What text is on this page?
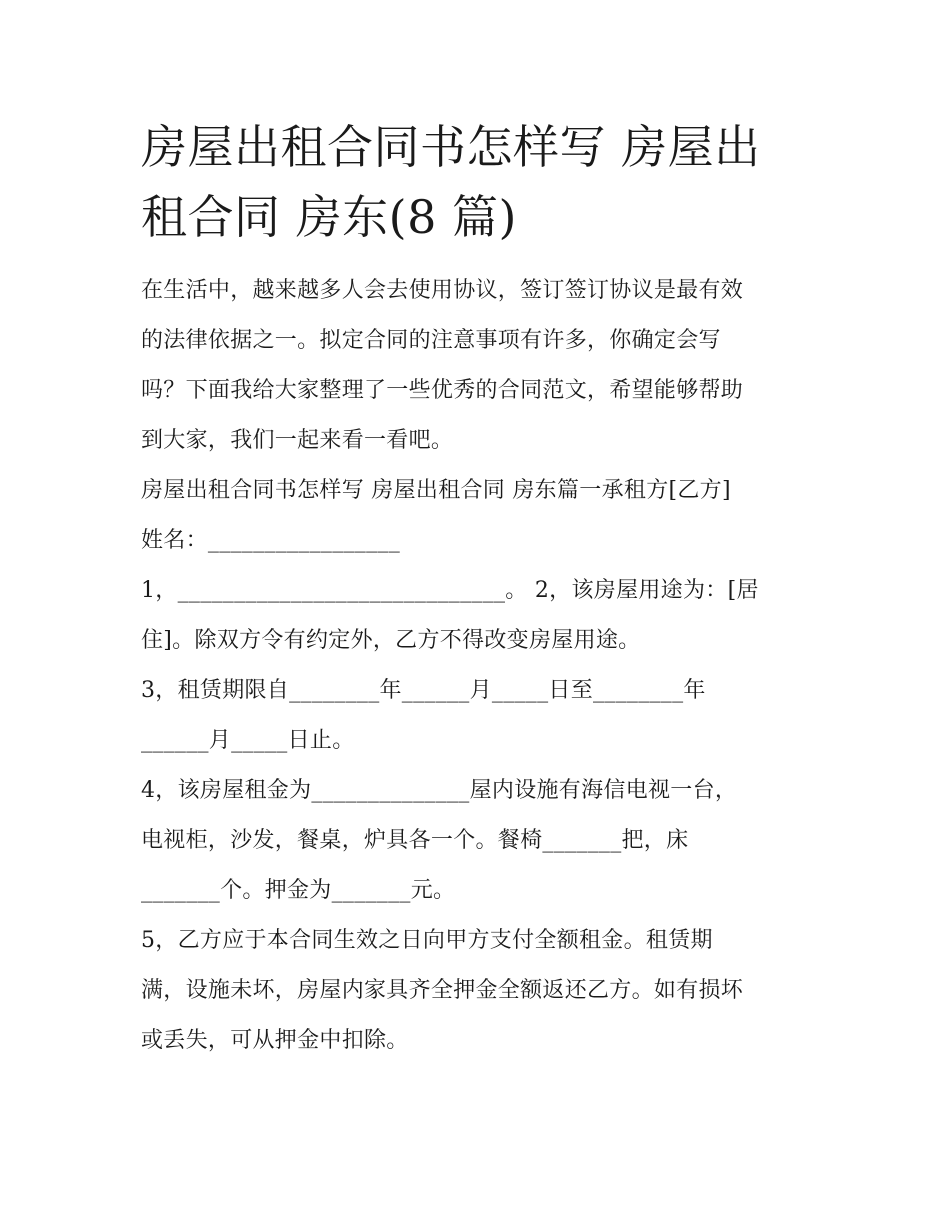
房屋出租合同书怎样写 房屋出
租合同 房东(8 篇)

在生活中，越来越多人会去使用协议，签订签订协议是最有效
的法律依据之一。拟定合同的注意事项有许多，你确定会写
吗？下面我给大家整理了一些优秀的合同范文，希望能够帮助
到大家，我们一起来看一看吧。

房屋出租合同书怎样写 房屋出租合同 房东篇一承租方[乙方]
姓名：_________________

1，_____________________________。 2，该房屋用途为：[居
住]。除双方令有约定外，乙方不得改变房屋用途。

3，租赁期限自________年______月_____日至________年
______月_____日止。

4，该房屋租金为______________屋内设施有海信电视一台，
电视柜，沙发，餐桌，炉具各一个。餐椅_______把，床
_______个。押金为_______元。

5，乙方应于本合同生效之日向甲方支付全额租金。租赁期
满，设施未坏，房屋内家具齐全押金全额返还乙方。如有损坏
或丢失，可从押金中扣除。
